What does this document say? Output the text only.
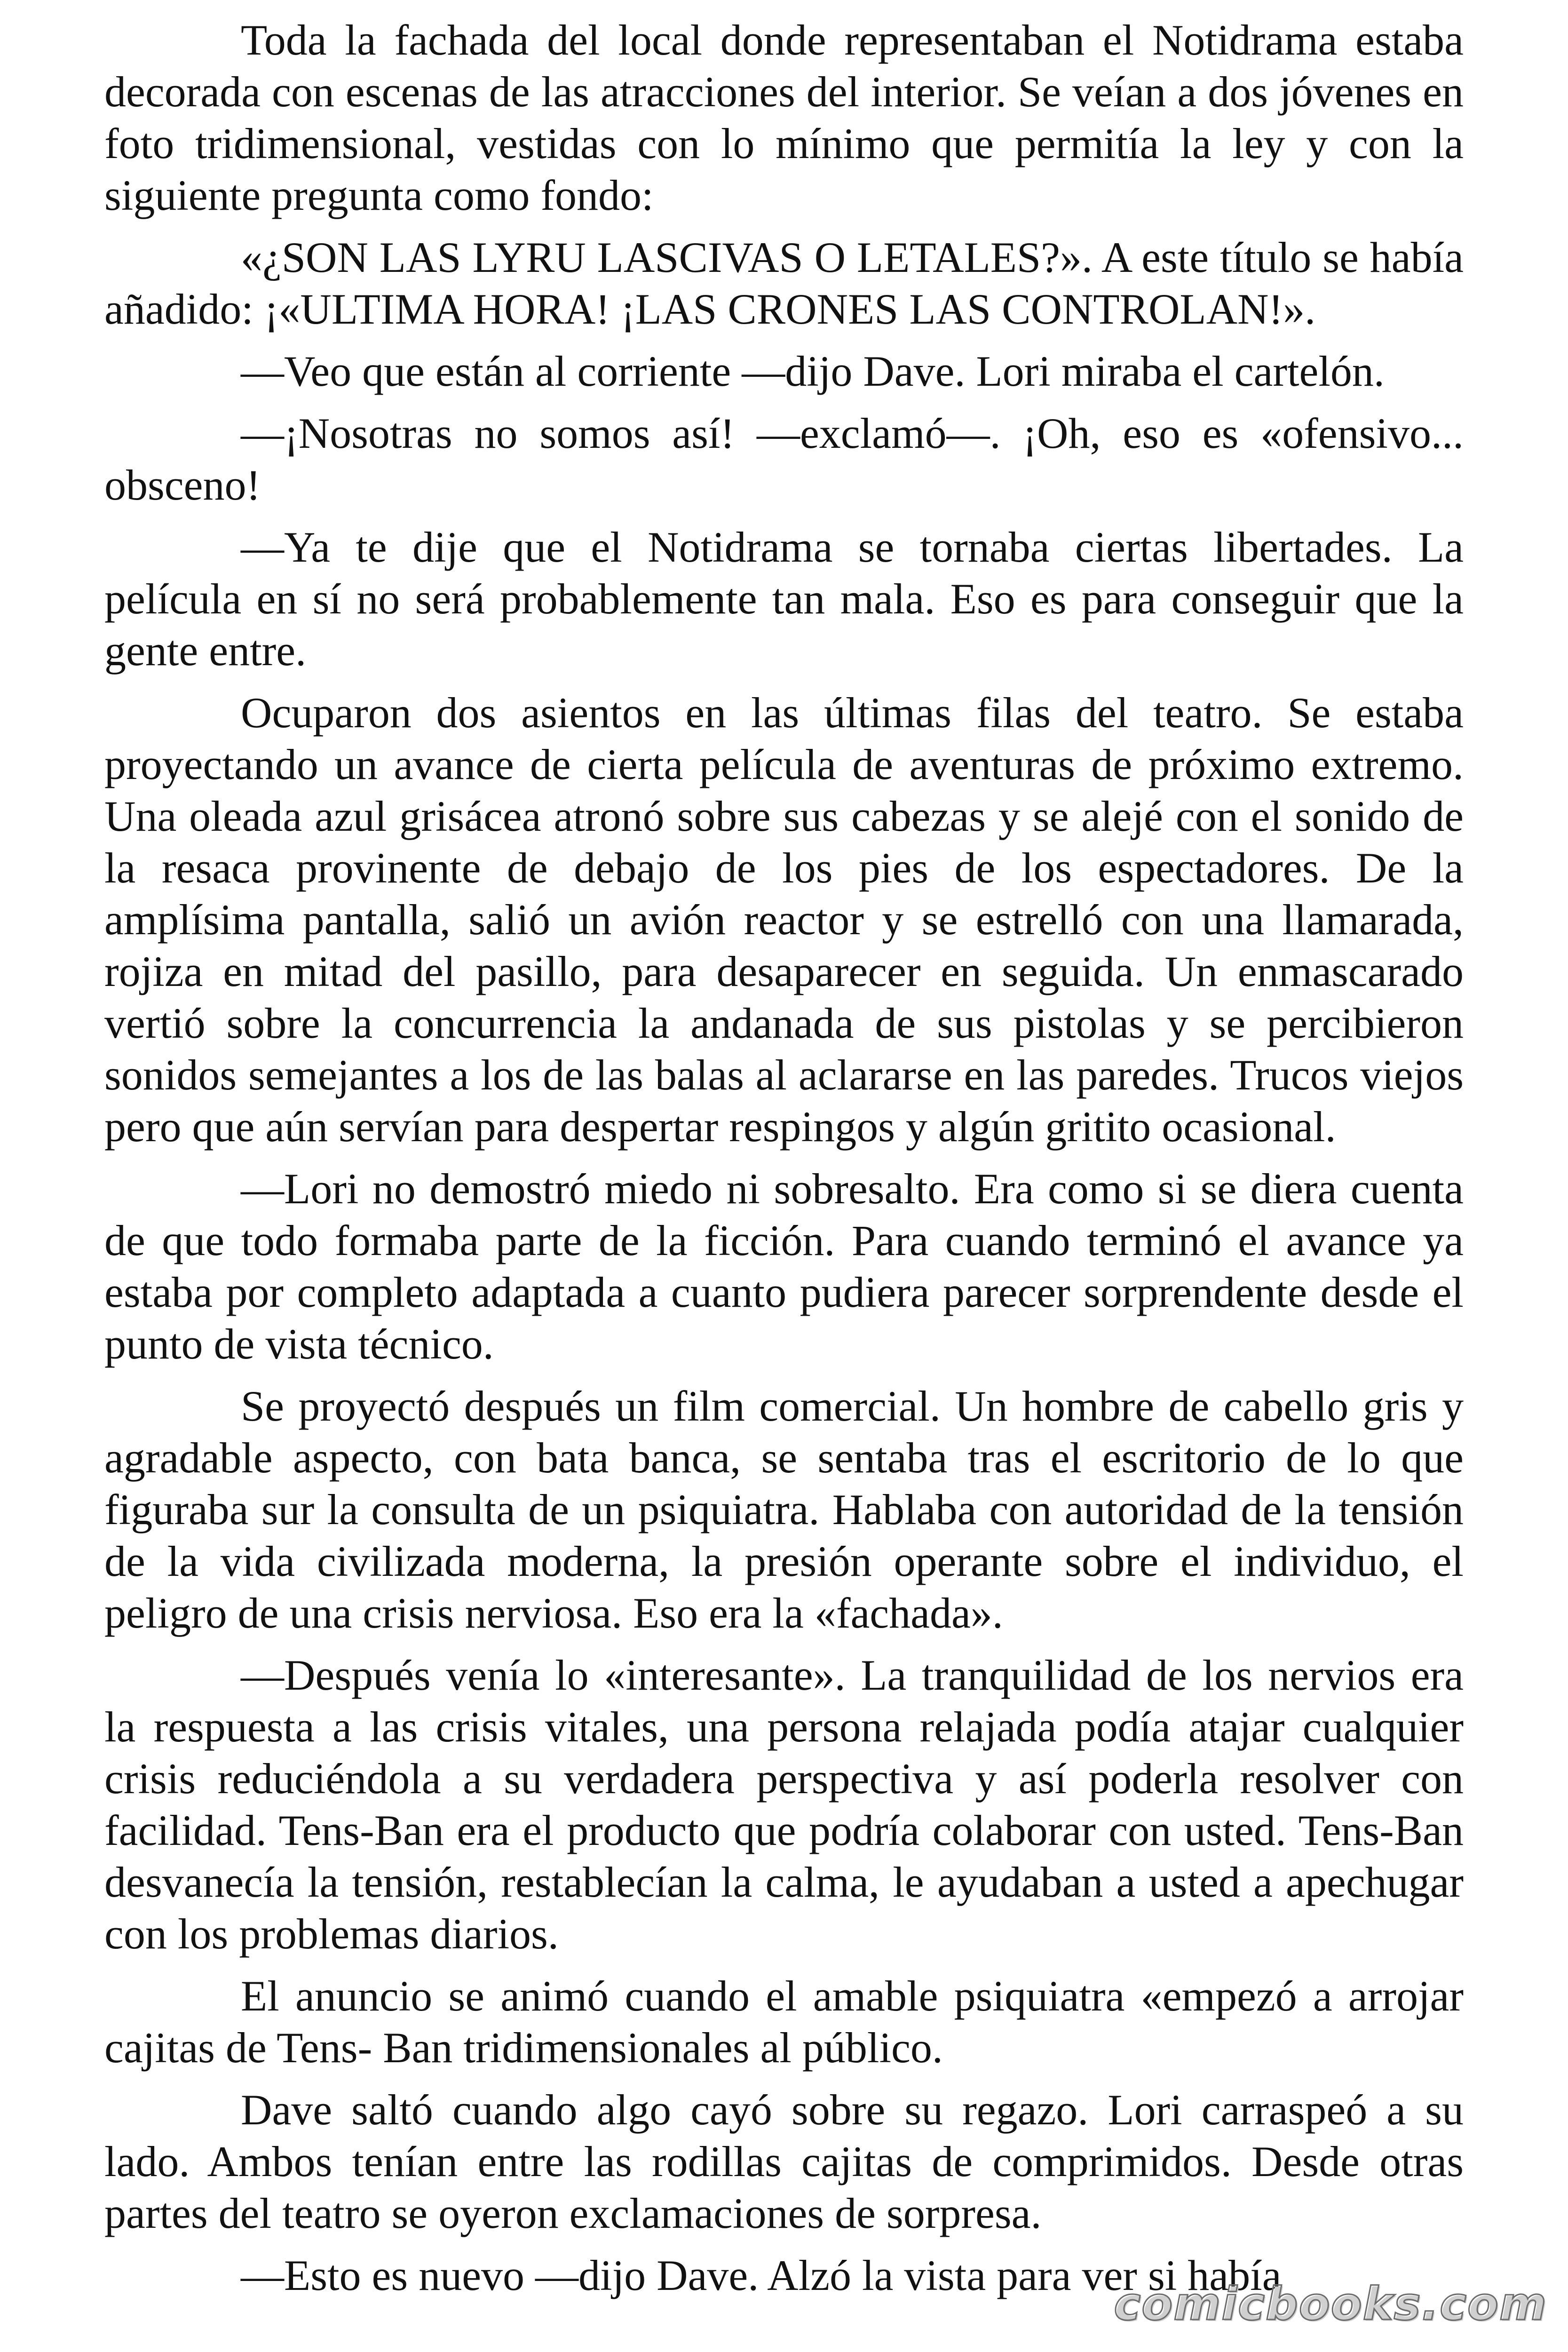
Toda la fachada del local donde representaban el Notidrama estaba decorada con escenas de las atracciones del interior. Se veían a dos jóvenes en foto tridimensional, vestidas con lo mínimo que permitía la ley y con la siguiente pregunta como fondo:

«¿SON LAS LYRU LASCIVAS O LETALES?». A este título se había añadido: ¡«ULTIMA HORA! ¡LAS CRONES LAS CONTROLAN!».

—Veo que están al corriente —dijo Dave. Lori miraba el cartelón.

—¡Nosotras no somos así! —exclamó—. ¡Oh, eso es «ofensivo... obsceno!

—Ya te dije que el Notidrama se tornaba ciertas libertades. La película en sí no será probablemente tan mala. Eso es para conseguir que la gente entre.

Ocuparon dos asientos en las últimas filas del teatro. Se estaba proyectando un avance de cierta película de aventuras de próximo extremo. Una oleada azul grisácea atronó sobre sus cabezas y se alejé con el sonido de la resaca provinente de debajo de los pies de los espectadores. De la amplísima pantalla, salió un avión reactor y se estrelló con una llamarada, rojiza en mitad del pasillo, para desaparecer en seguida. Un enmascarado vertió sobre la concurrencia la andanada de sus pistolas y se percibieron sonidos semejantes a los de las balas al aclararse en las paredes. Trucos viejos pero que aún servían para despertar respingos y algún gritito ocasional.

—Lori no demostró miedo ni sobresalto. Era como si se diera cuenta de que todo formaba parte de la ficción. Para cuando terminó el avance ya estaba por completo adaptada a cuanto pudiera parecer sorprendente desde el punto de vista técnico.

Se proyectó después un film comercial. Un hombre de cabello gris y agradable aspecto, con bata banca, se sentaba tras el escritorio de lo que figuraba sur la consulta de un psiquiatra. Hablaba con autoridad de la tensión de la vida civilizada moderna, la presión operante sobre el individuo, el peligro de una crisis nerviosa. Eso era la «fachada».

—Después venía lo «interesante». La tranquilidad de los nervios era la respuesta a las crisis vitales, una persona relajada podía atajar cualquier crisis reduciéndola a su verdadera perspectiva y así poderla resolver con facilidad. Tens-Ban era el producto que podría colaborar con usted. Tens-Ban desvanecía la tensión, restablecían la calma, le ayudaban a usted a apechugar con los problemas diarios.

El anuncio se animó cuando el amable psiquiatra «empezó a arrojar cajitas de Tens- Ban tridimensionales al público.

Dave saltó cuando algo cayó sobre su regazo. Lori carraspeó a su lado. Ambos tenían entre las rodillas cajitas de comprimidos. Desde otras partes del teatro se oyeron exclamaciones de sorpresa.

—Esto es nuevo —dijo Dave. Alzó la vista para ver si había

comicbooks.com
